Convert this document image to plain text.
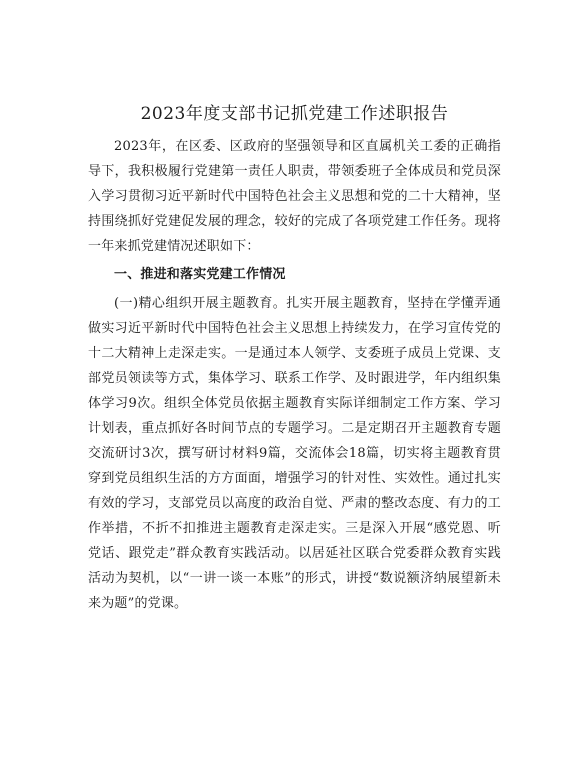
2023年度支部书记抓党建工作述职报告

2023年，在区委、区政府的坚强领导和区直属机关工委的正确指导下，我积极履行党建第一责任人职责，带领委班子全体成员和党员深入学习贯彻习近平新时代中国特色社会主义思想和党的二十大精神，坚持围绕抓好党建促发展的理念，较好的完成了各项党建工作任务。现将一年来抓党建情况述职如下：

一、推进和落实党建工作情况

(一)精心组织开展主题教育。扎实开展主题教育，坚持在学懂弄通做实习近平新时代中国特色社会主义思想上持续发力，在学习宣传党的十二大精神上走深走实。一是通过本人领学、支委班子成员上党课、支部党员领读等方式，集体学习、联系工作学、及时跟进学，年内组织集体学习9次。组织全体党员依据主题教育实际详细制定工作方案、学习计划表，重点抓好各时间节点的专题学习。二是定期召开主题教育专题交流研讨3次，撰写研讨材料9篇，交流体会18篇，切实将主题教育贯穿到党员组织生活的方方面面，增强学习的针对性、实效性。通过扎实有效的学习，支部党员以高度的政治自觉、严肃的整改态度、有力的工作举措，不折不扣推进主题教育走深走实。三是深入开展“感党恩、听党话、跟党走”群众教育实践活动。以居延社区联合党委群众教育实践活动为契机，以“一讲一谈一本账”的形式，讲授“数说额济纳展望新未来为题”的党课。
